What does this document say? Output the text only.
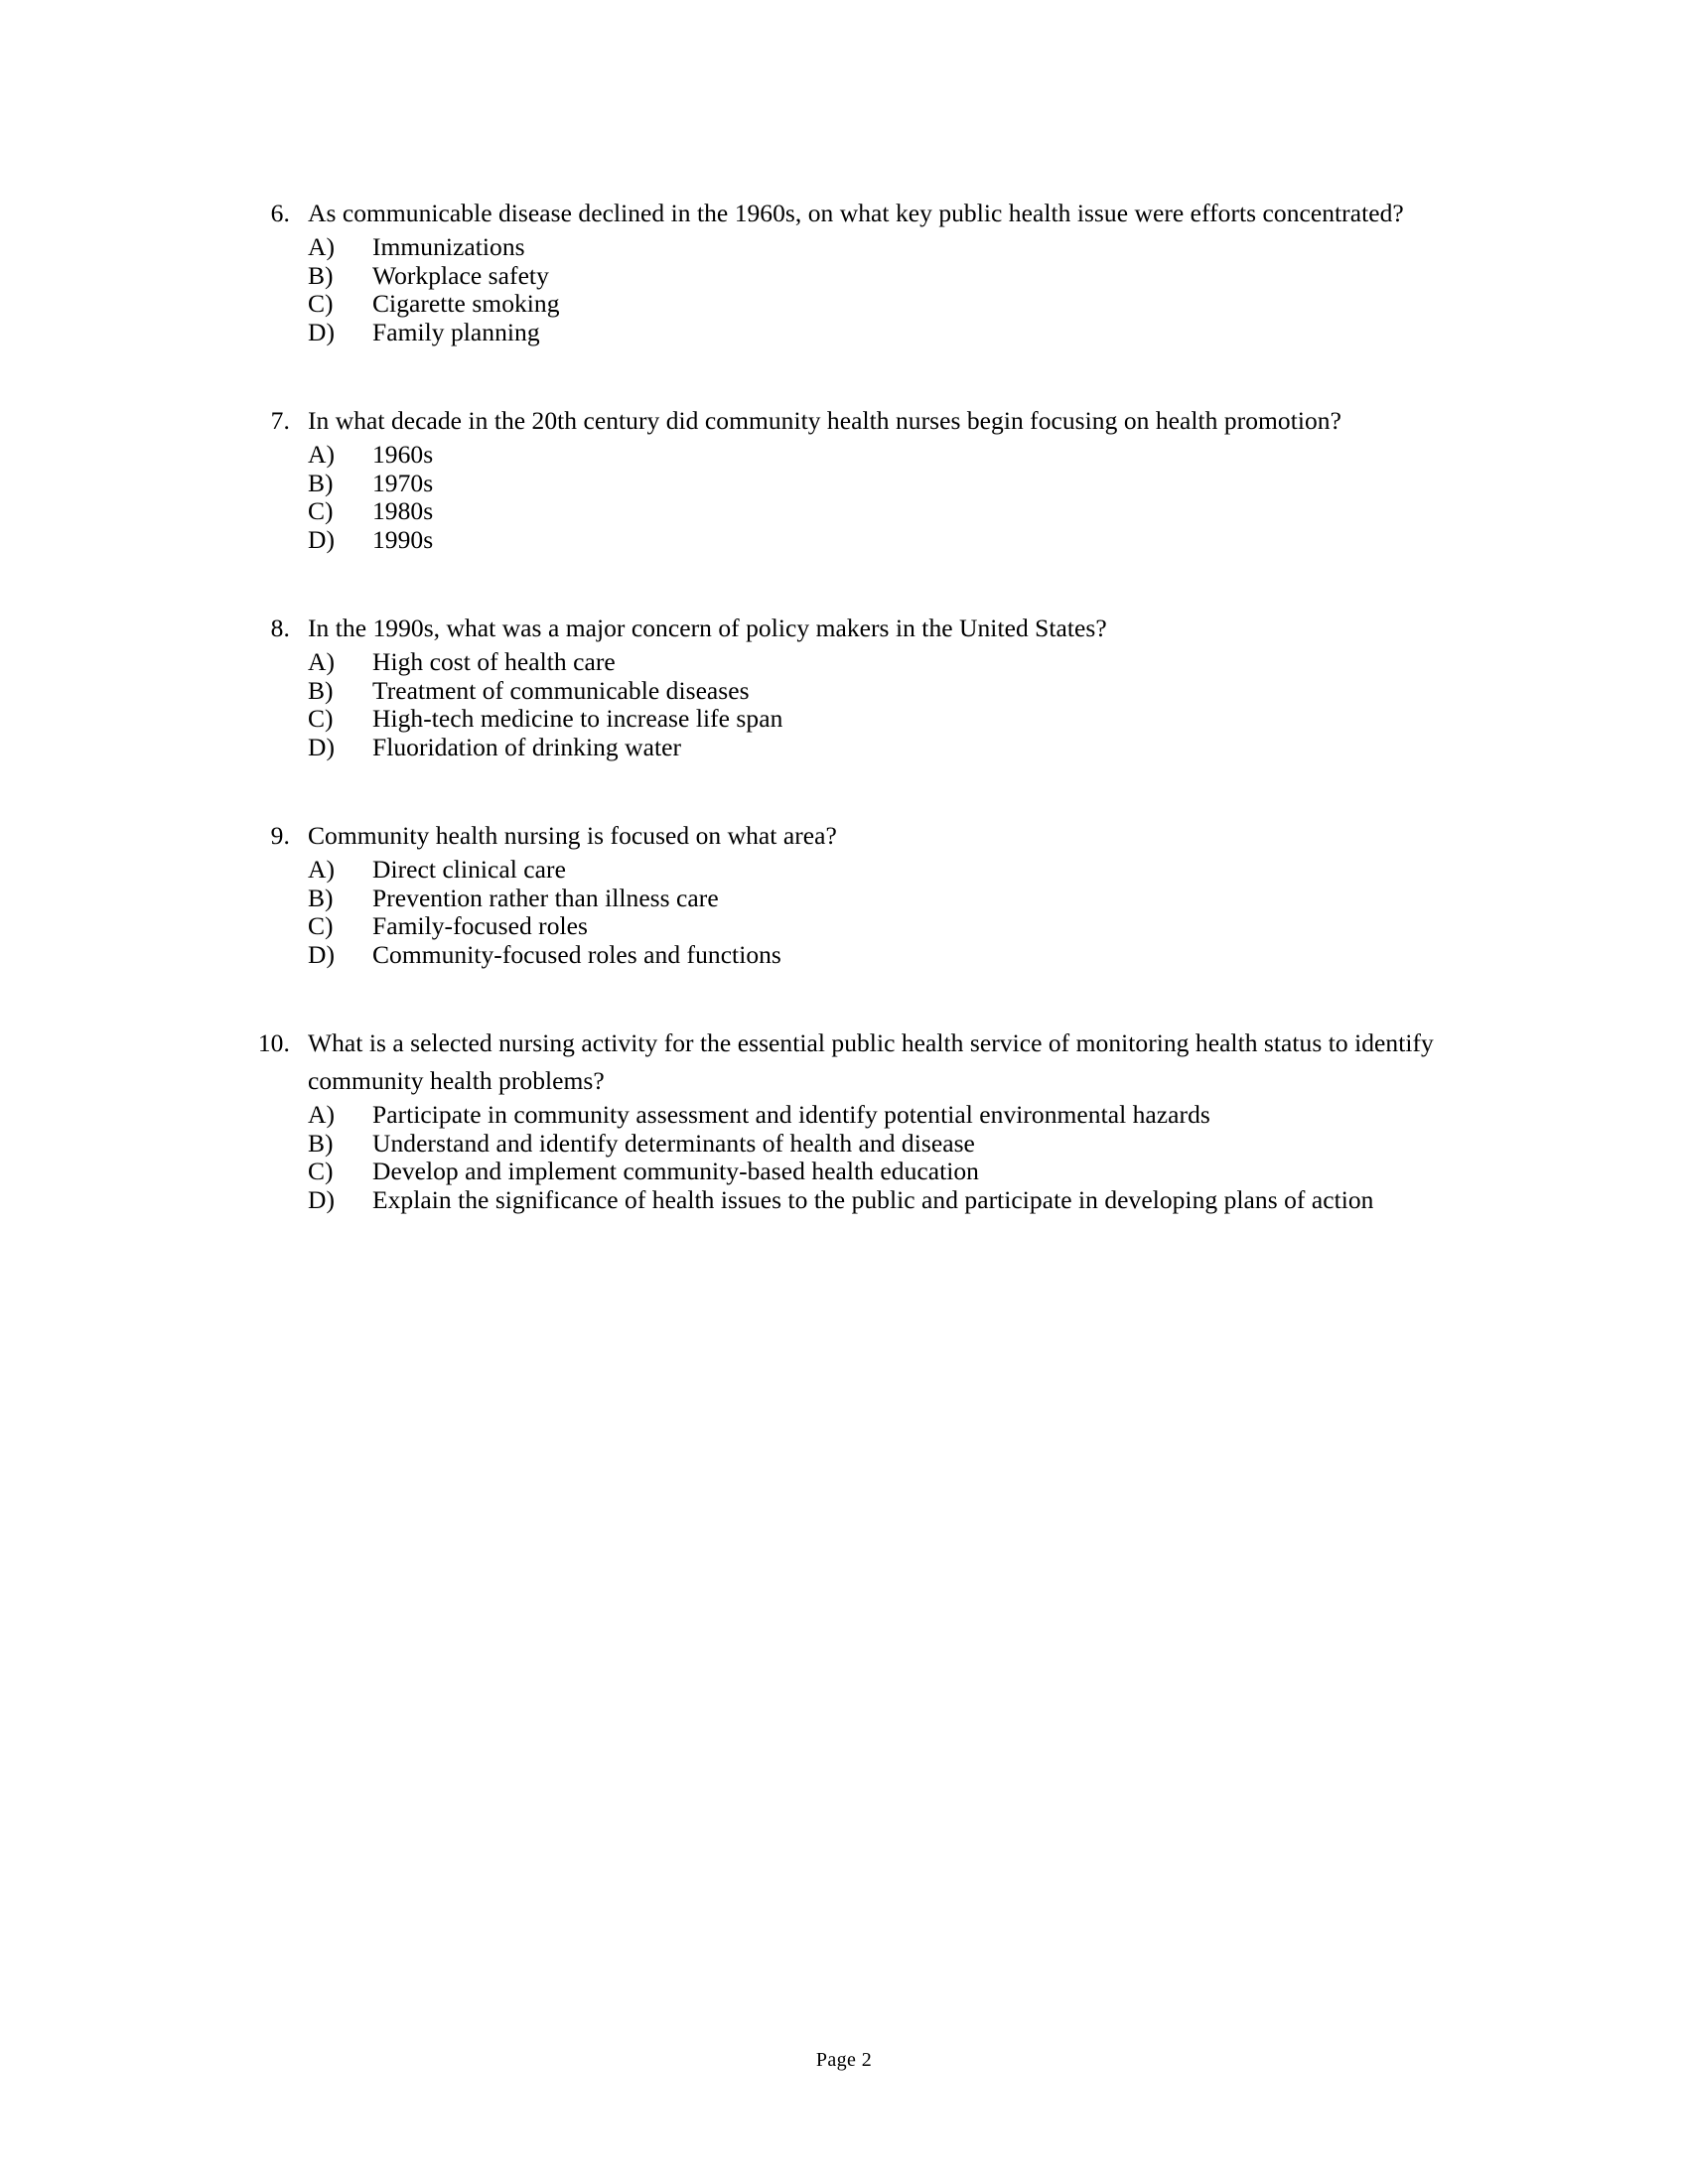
6. As communicable disease declined in the 1960s, on what key public health issue were efforts concentrated?
A)	Immunizations
B)	Workplace safety
C)	Cigarette smoking
D)	Family planning
7. In what decade in the 20th century did community health nurses begin focusing on health promotion?
A)	1960s
B)	1970s
C)	1980s
D)	1990s
8. In the 1990s, what was a major concern of policy makers in the United States?
A)	High cost of health care
B)	Treatment of communicable diseases
C)	High-tech medicine to increase life span
D)	Fluoridation of drinking water
9. Community health nursing is focused on what area?
A)	Direct clinical care
B)	Prevention rather than illness care
C)	Family-focused roles
D)	Community-focused roles and functions
10. What is a selected nursing activity for the essential public health service of monitoring health status to identify community health problems?
A)	Participate in community assessment and identify potential environmental hazards
B)	Understand and identify determinants of health and disease
C)	Develop and implement community-based health education
D)	Explain the significance of health issues to the public and participate in developing plans of action
Page 2
